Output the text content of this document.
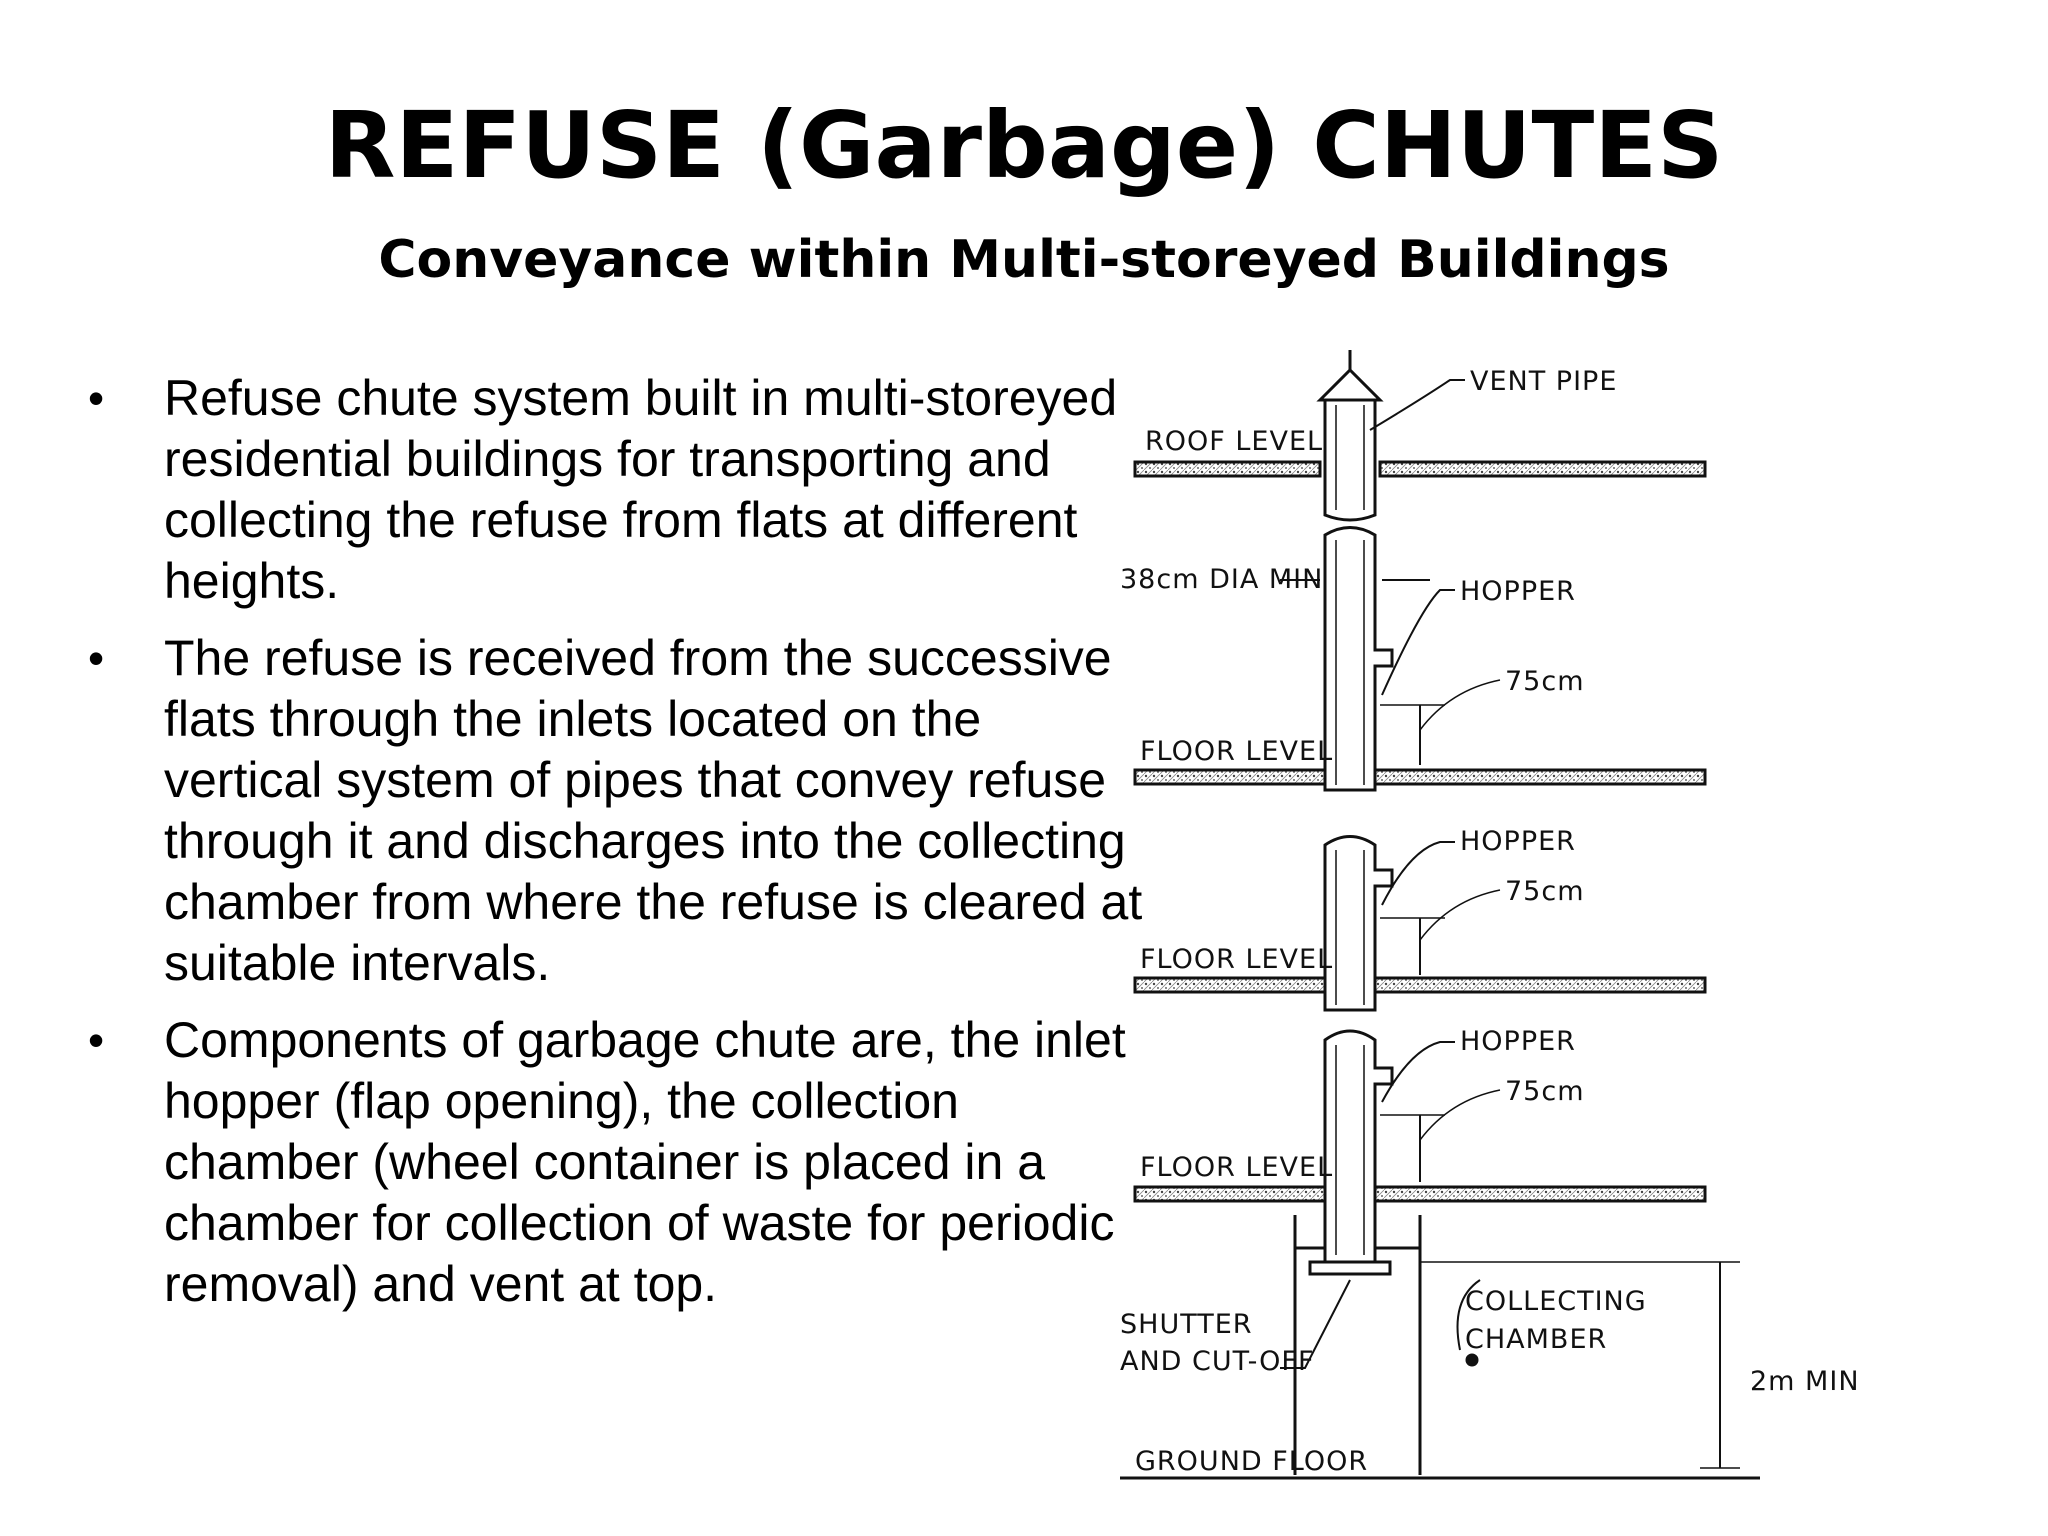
REFUSE (Garbage) CHUTES
Conveyance within Multi-storeyed Buildings
• Refuse chute system built in multi-storeyed residential buildings for transporting and collecting the refuse from flats at different heights.
• The refuse is received from the successive flats through the inlets located on the vertical system of pipes that convey refuse through it and discharges into the collecting chamber from where the refuse is cleared at suitable intervals.
• Components of garbage chute are, the inlet hopper (flap opening), the collection chamber (wheel container is placed in a chamber for collection of waste for periodic removal) and vent at top.
VENT PIPE
ROOF LEVEL
38cm DIA MIN	HOPPER
75cm
FLOOR LEVEL
HOPPER
75cm
FLOOR LEVEL
HOPPER
75cm
FLOOR LEVEL
SHUTTER
AND CUT-OFF
COLLECTING
CHAMBER
2m MIN
GROUND FLOOR
